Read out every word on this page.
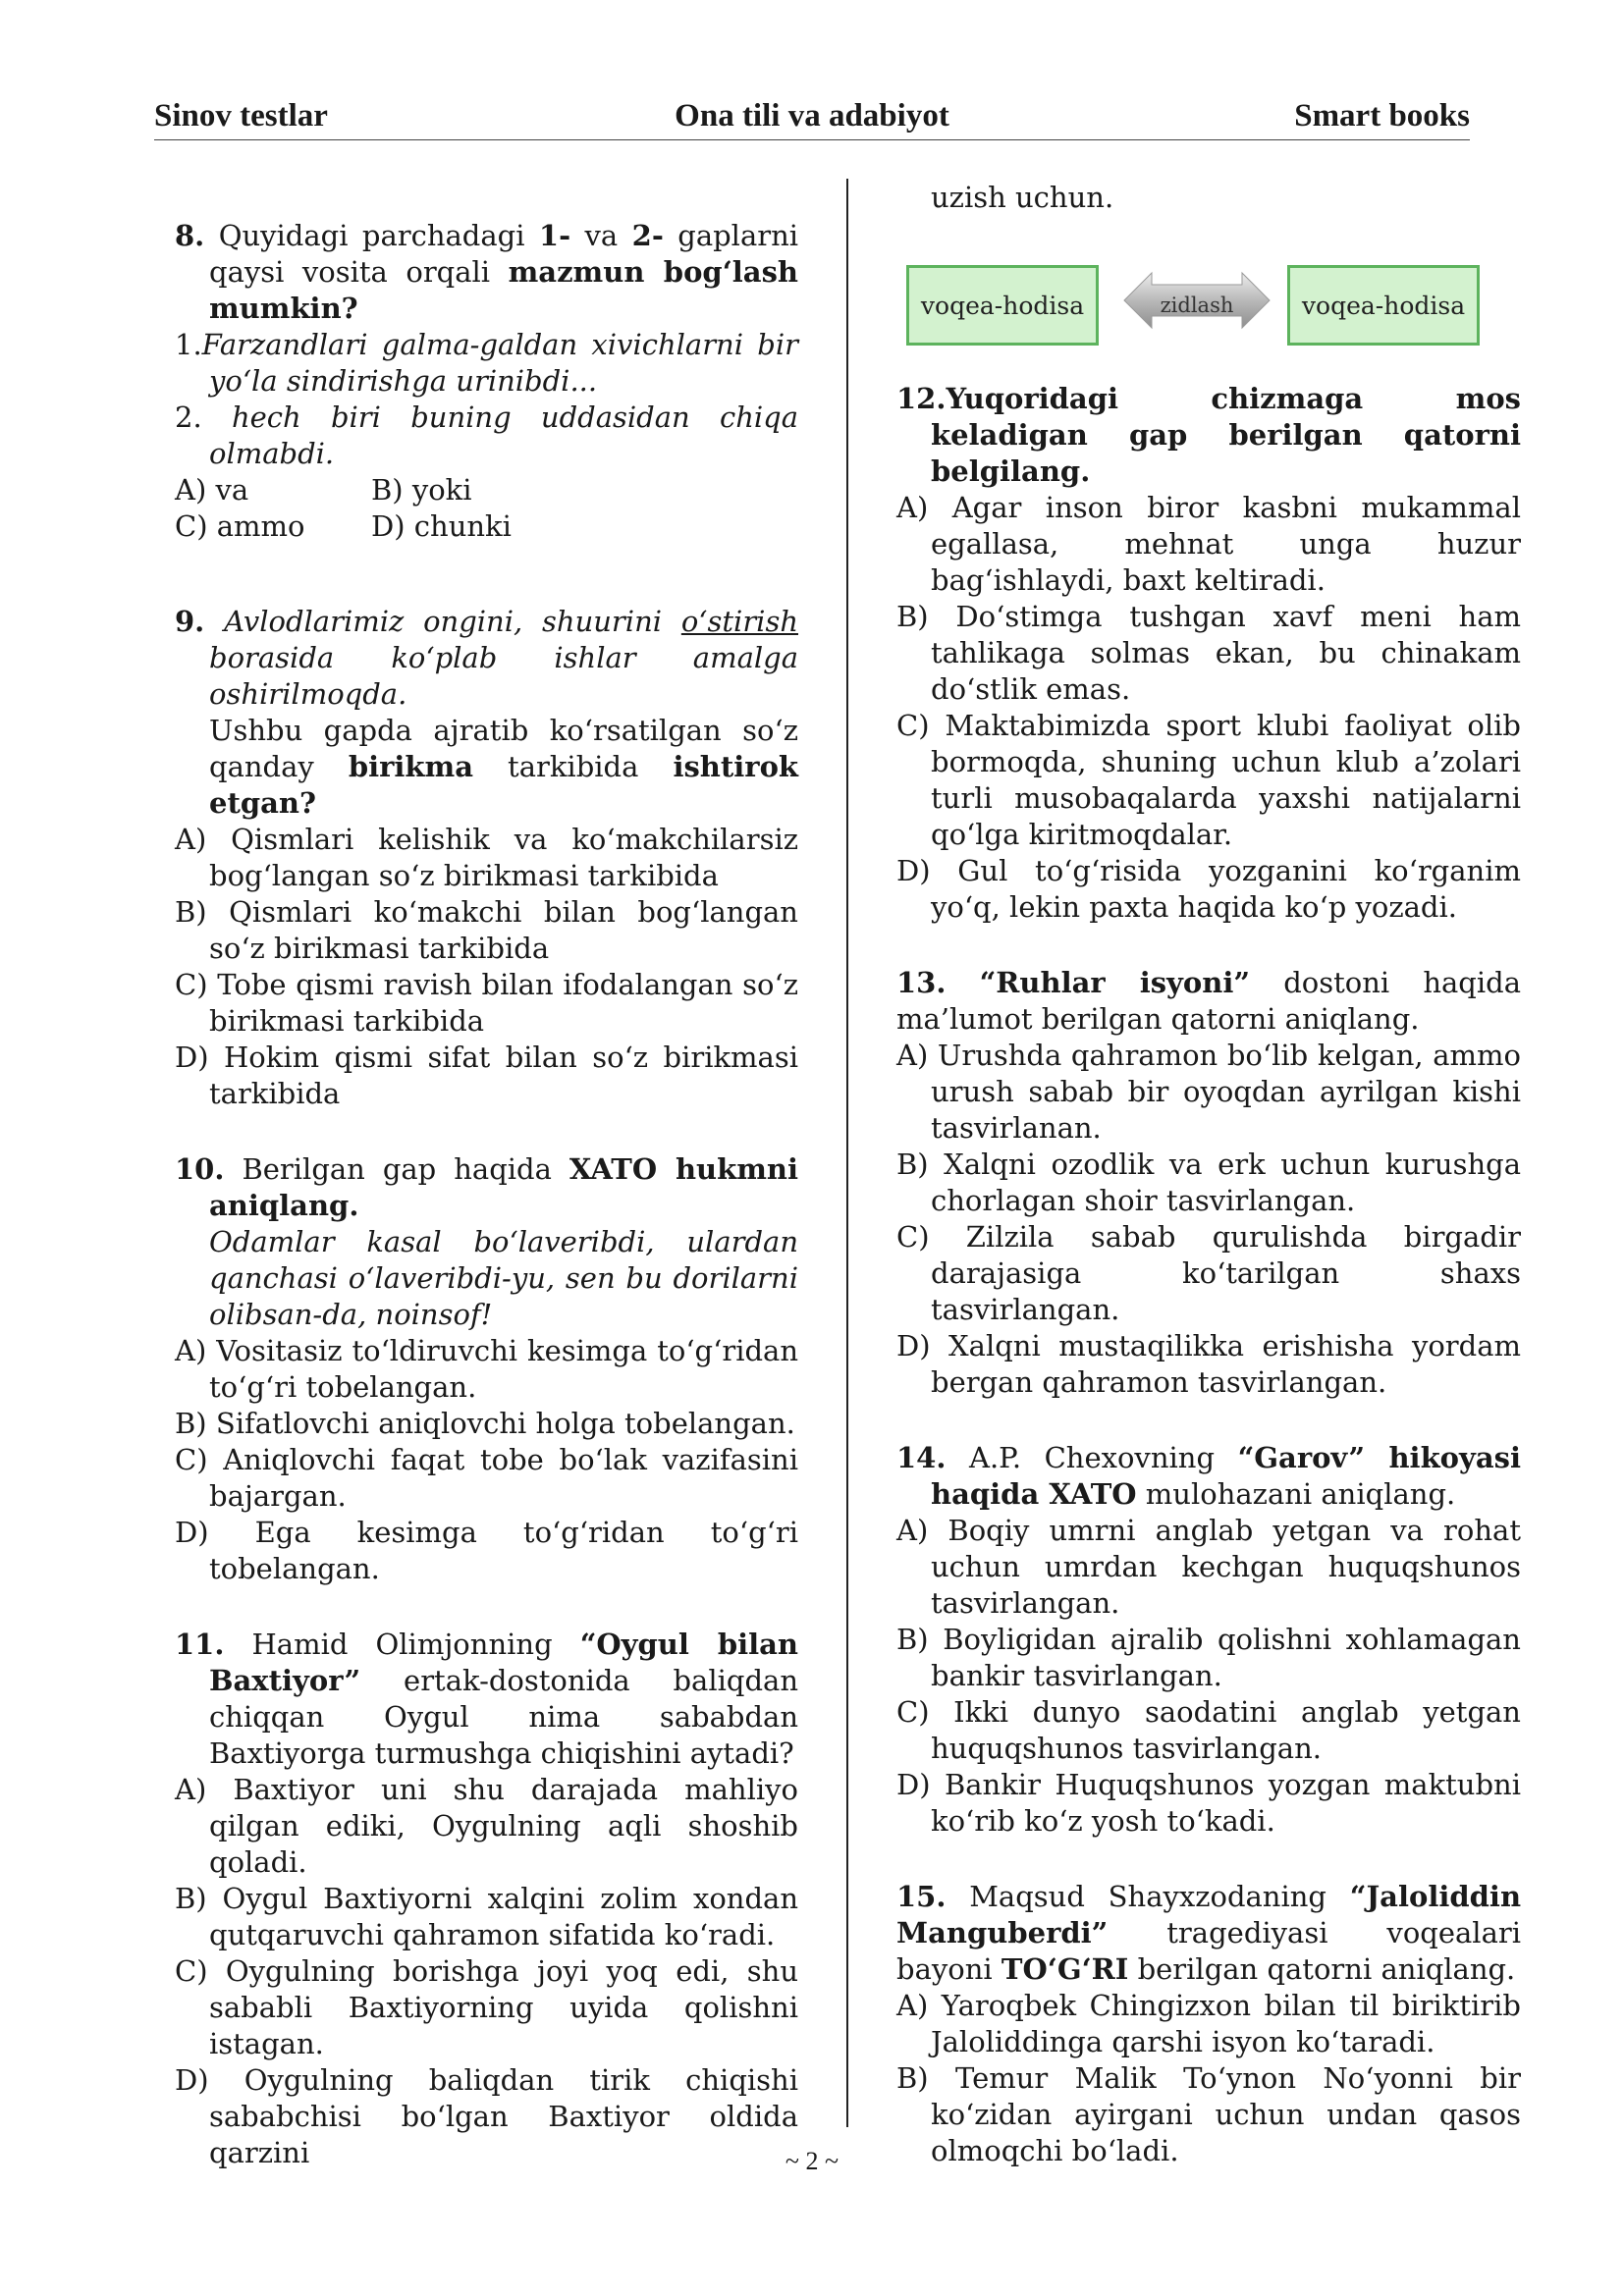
Sinov testlar	Ona tili va adabiyot	Smart books
8. Quyidagi parchadagi 1- va 2- gaplarni qaysi vosita orqali mazmun bog‘lash mumkin?
1.Farzandlari galma-galdan xivichlarni bir yo‘la sindirishga urinibdi...
2. hech biri buning uddasidan chiqa olmabdi.
A) va	B) yoki
C) ammo	D) chunki
9. Avlodlarimiz ongini, shuurini o‘stirish borasida ko‘plab ishlar amalga oshirilmoqda.
Ushbu gapda ajratib ko‘rsatilgan so‘z qanday birikma tarkibida ishtirok etgan?
A) Qismlari kelishik va ko‘makchilarsiz bog‘langan so‘z birikmasi tarkibida
B) Qismlari ko‘makchi bilan bog‘langan so‘z birikmasi tarkibida
C) Tobe qismi ravish bilan ifodalangan so‘z birikmasi tarkibida
D) Hokim qismi sifat bilan so‘z birikmasi tarkibida
10. Berilgan gap haqida XATO hukmni aniqlang.
Odamlar kasal bo‘laveribdi, ulardan qanchasi o‘laveribdi-yu, sen bu dorilarni olibsan-da, noinsof!
A) Vositasiz to‘ldiruvchi kesimga to‘g‘ridan to‘g‘ri tobelangan.
B) Sifatlovchi aniqlovchi holga tobelangan.
C) Aniqlovchi faqat tobe bo‘lak vazifasini bajargan.
D) Ega kesimga to‘g‘ridan to‘g‘ri tobelangan.
11. Hamid Olimjonning “Oygul bilan Baxtiyor” ertak-dostonida baliqdan chiqqan Oygul nima sababdan Baxtiyorga turmushga chiqishini aytadi?
A) Baxtiyor uni shu darajada mahliyo qilgan ediki, Oygulning aqli shoshib qoladi.
B) Oygul Baxtiyorni xalqini zolim xondan qutqaruvchi qahramon sifatida ko‘radi.
C) Oygulning borishga joyi yoq edi, shu sababli Baxtiyorning uyida qolishni istagan.
D) Oygulning baliqdan tirik chiqishi sababchisi bo‘lgan Baxtiyor oldida qarzini
uzish uchun.
voqea-hodisa	zidlash	voqea-hodisa
12.Yuqoridagi chizmaga mos keladigan gap berilgan qatorni belgilang.
A) Agar inson biror kasbni mukammal egallasa, mehnat unga huzur bag‘ishlaydi, baxt keltiradi.
B) Do‘stimga tushgan xavf meni ham tahlikaga solmas ekan, bu chinakam do‘stlik emas.
C) Maktabimizda sport klubi faoliyat olib bormoqda, shuning uchun klub a’zolari turli musobaqalarda yaxshi natijalarni qo‘lga kiritmoqdalar.
D) Gul to‘g‘risida yozganini ko‘rganim yo‘q, lekin paxta haqida ko‘p yozadi.
13. “Ruhlar isyoni” dostoni haqida ma’lumot berilgan qatorni aniqlang.
A) Urushda qahramon bo‘lib kelgan, ammo urush sabab bir oyoqdan ayrilgan kishi tasvirlanan.
B) Xalqni ozodlik va erk uchun kurushga chorlagan shoir tasvirlangan.
C) Zilzila sabab qurulishda birgadir darajasiga ko‘tarilgan shaxs tasvirlangan.
D) Xalqni mustaqilikka erishisha yordam bergan qahramon tasvirlangan.
14. A.P. Chexovning “Garov” hikoyasi haqida XATO mulohazani aniqlang.
A) Boqiy umrni anglab yetgan va rohat uchun umrdan kechgan huquqshunos tasvirlangan.
B) Boyligidan ajralib qolishni xohlamagan bankir tasvirlangan.
C) Ikki dunyo saodatini anglab yetgan huquqshunos tasvirlangan.
D) Bankir Huquqshunos yozgan maktubni ko‘rib ko‘z yosh to‘kadi.
15. Maqsud Shayxzodaning “Jaloliddin Manguberdi” tragediyasi voqealari bayoni TO‘G‘RI berilgan qatorni aniqlang.
A) Yaroqbek Chingizxon bilan til biriktirib Jaloliddinga qarshi isyon ko‘taradi.
B) Temur Malik To‘ynon No‘yonni bir ko‘zidan ayirgani uchun undan qasos olmoqchi bo‘ladi.
~ 2 ~
